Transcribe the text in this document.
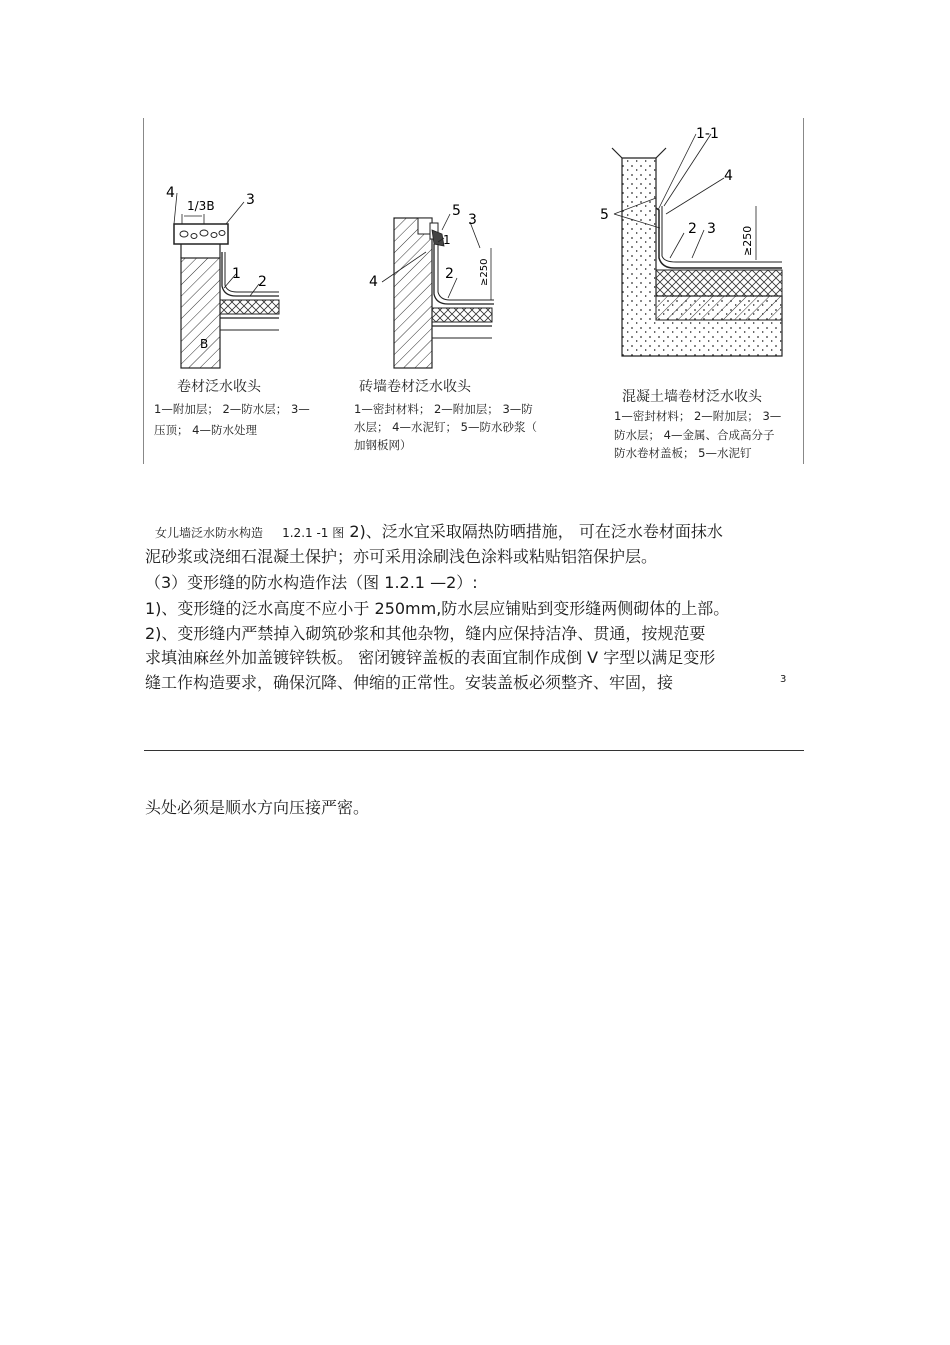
4
1/3B 3
1 2
B
5
3
1
4	2	≥250
1-1
4
5
2 3 ≥250
卷材泛水收头
1—附加层； 2—防水层； 3—
压顶； 4—防水处理
砖墙卷材泛水收头
1—密封材料； 2—附加层； 3—防
水层； 4—水泥钉； 5—防水砂浆（
加钢板网）
混凝土墙卷材泛水收头
1—密封材料； 2—附加层； 3—
防水层； 4—金属、合成高分子
防水卷材盖板； 5—水泥钉
女儿墙泛水防水构造 1.2.1 -1 图 2)、泛水宜采取隔热防晒措施， 可在泛水卷材面抹水
泥砂浆或浇细石混凝土保护；亦可采用涂刷浅色涂料或粘贴铝箔保护层。
（3）变形缝的防水构造作法（图 1.2.1 —2）:
1)、变形缝的泛水高度不应小于 250mm,防水层应铺贴到变形缝两侧砌体的上部。
2)、变形缝内严禁掉入砌筑砂浆和其他杂物，缝内应保持洁净、贯通，按规范要
求填油麻丝外加盖镀锌铁板。 密闭镀锌盖板的表面宜制作成倒 V 字型以满足变形
缝工作构造要求，确保沉降、伸缩的正常性。安装盖板必须整齐、牢固，接	3
头处必须是顺水方向压接严密。
